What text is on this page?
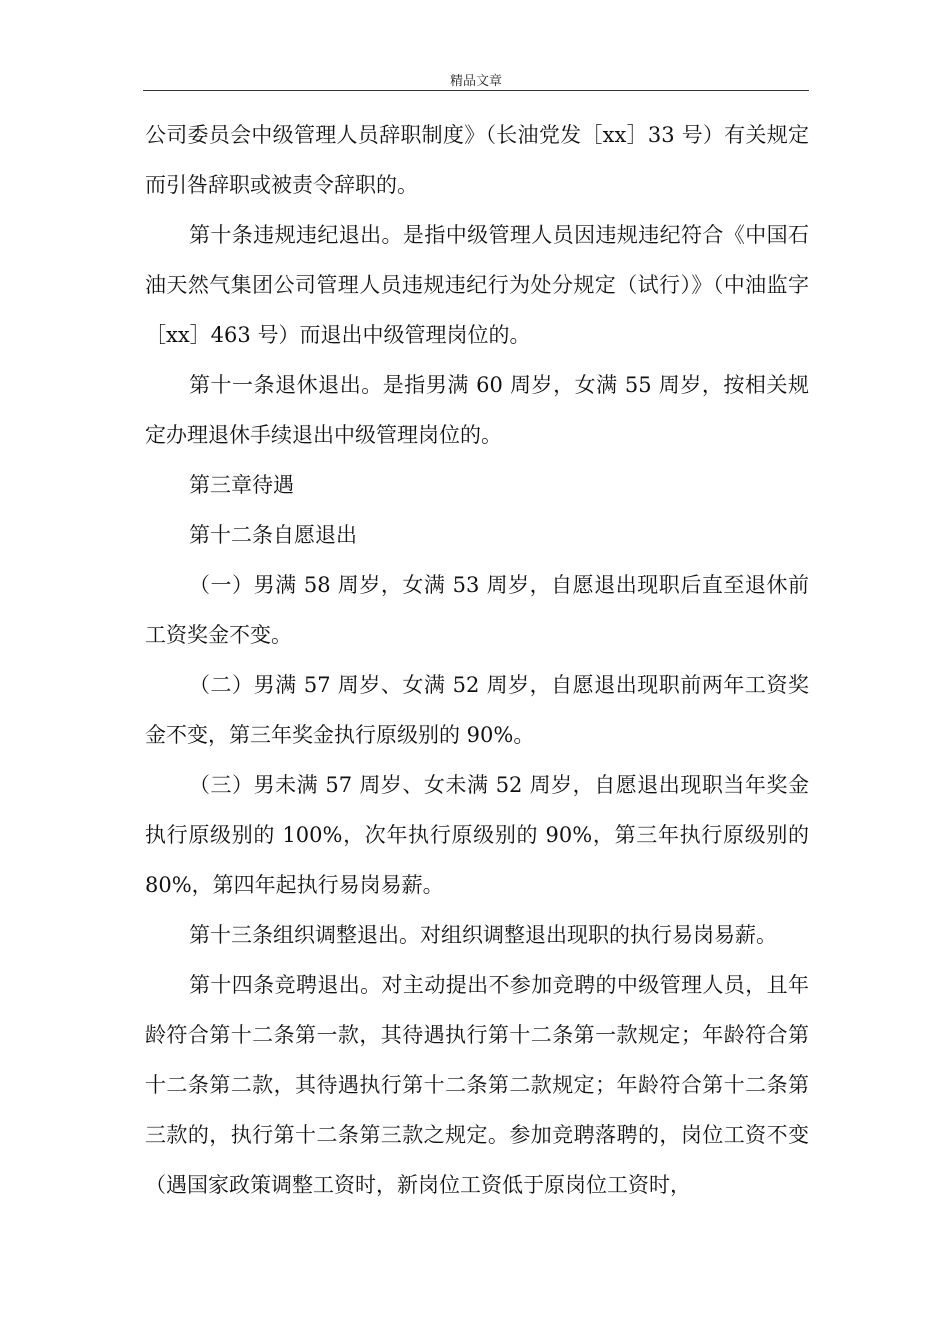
精品文章

公司委员会中级管理人员辞职制度》（长油党发［xx］33 号）有关规定而引咎辞职或被责令辞职的。

第十条违规违纪退出。是指中级管理人员因违规违纪符合《中国石油天然气集团公司管理人员违规违纪行为处分规定（试行）》（中油监字［xx］463 号）而退出中级管理岗位的。

第十一条退休退出。是指男满 60 周岁，女满 55 周岁，按相关规定办理退休手续退出中级管理岗位的。

第三章待遇

第十二条自愿退出

（一）男满 58 周岁，女满 53 周岁，自愿退出现职后直至退休前工资奖金不变。

（二）男满 57 周岁、女满 52 周岁，自愿退出现职前两年工资奖金不变，第三年奖金执行原级别的 90%。

（三）男未满 57 周岁、女未满 52 周岁，自愿退出现职当年奖金执行原级别的 100%，次年执行原级别的 90%，第三年执行原级别的80%，第四年起执行易岗易薪。

第十三条组织调整退出。对组织调整退出现职的执行易岗易薪。

第十四条竞聘退出。对主动提出不参加竞聘的中级管理人员，且年龄符合第十二条第一款，其待遇执行第十二条第一款规定；年龄符合第十二条第二款，其待遇执行第十二条第二款规定；年龄符合第十二条第三款的，执行第十二条第三款之规定。参加竞聘落聘的，岗位工资不变（遇国家政策调整工资时，新岗位工资低于原岗位工资时，
